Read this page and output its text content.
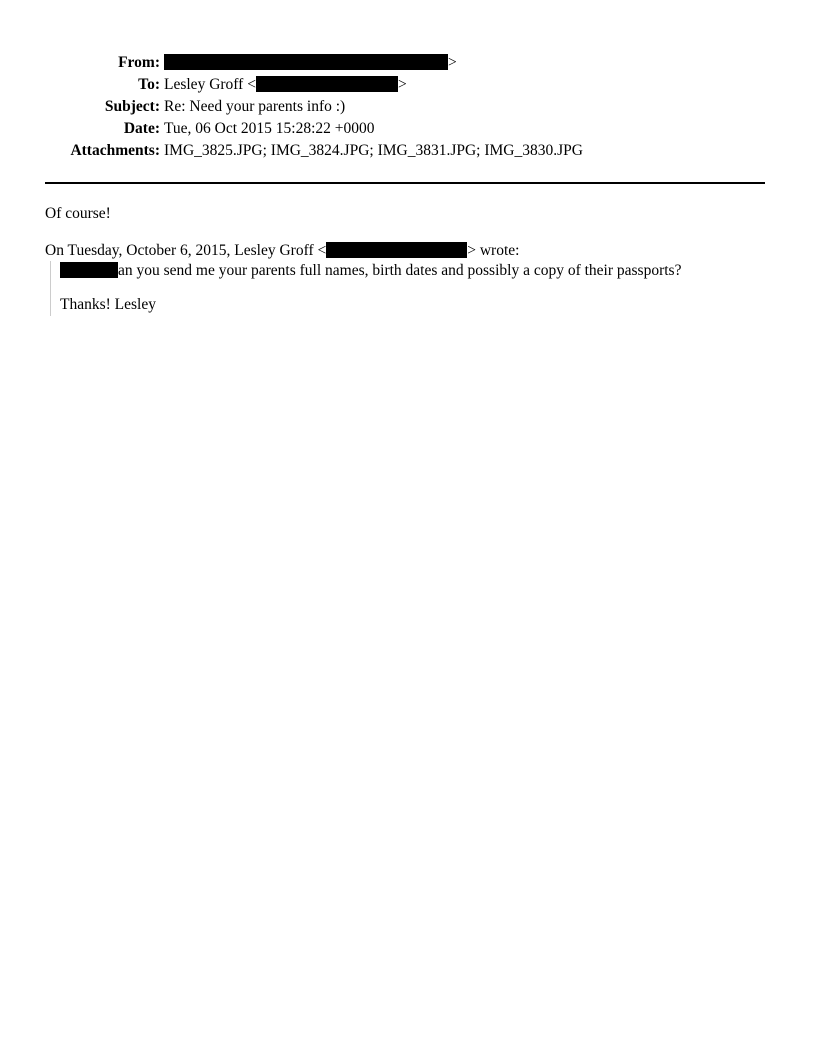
From:	>
To: Lesley Groff <	>
Subject: Re: Need your parents info :)
Date: Tue, 06 Oct 2015 15:28:22 +0000
Attachments: IMG_3825.JPG; IMG_3824.JPG; IMG_3831.JPG; IMG_3830.JPG

Of course!

On Tuesday, October 6, 2015, Lesley Groff <	> wrote:

an you send me your parents full names, birth dates and possibly a copy of their passports?

Thanks! Lesley
